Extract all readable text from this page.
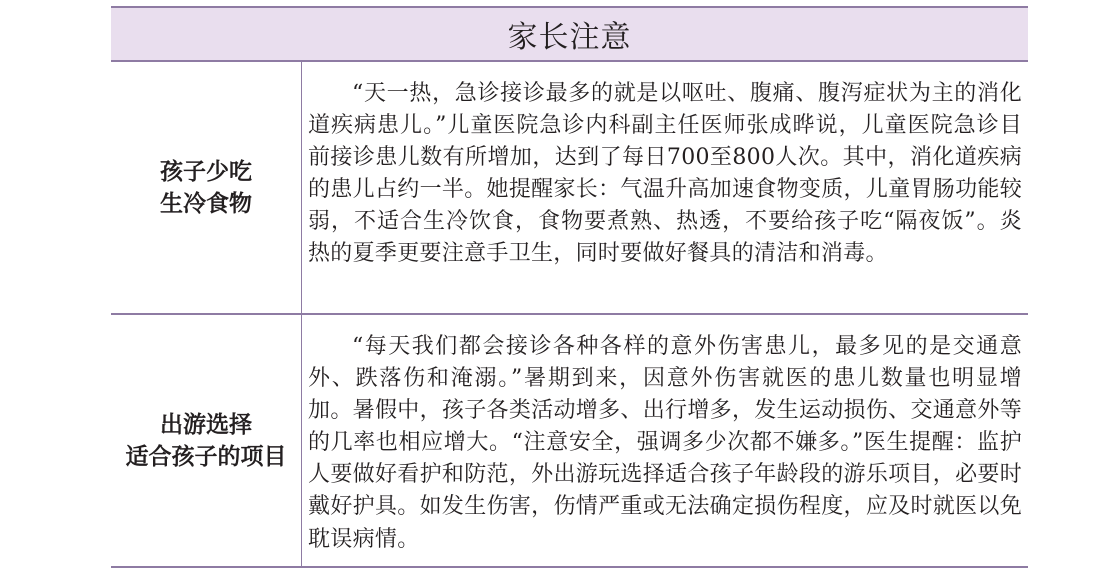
家长注意
孩子少吃
生冷食物

“天一热，急诊接诊最多的就是以呕吐、腹痛、腹泻症状为主的消化道疾病患儿。”儿童医院急诊内科副主任医师张成晔说，儿童医院急诊目前接诊患儿数有所增加，达到了每日700至800人次。其中，消化道疾病的患儿占约一半。她提醒家长：气温升高加速食物变质，儿童胃肠功能较弱，不适合生冷饮食，食物要煮熟、热透，不要给孩子吃“隔夜饭”。炎热的夏季更要注意手卫生，同时要做好餐具的清洁和消毒。

出游选择
适合孩子的项目

“每天我们都会接诊各种各样的意外伤害患儿，最多见的是交通意外、跌落伤和淹溺。”暑期到来，因意外伤害就医的患儿数量也明显增加。暑假中，孩子各类活动增多、出行增多，发生运动损伤、交通意外等的几率也相应增大。“注意安全，强调多少次都不嫌多。”医生提醒：监护人要做好看护和防范，外出游玩选择适合孩子年龄段的游乐项目，必要时戴好护具。如发生伤害，伤情严重或无法确定损伤程度，应及时就医以免耽误病情。
